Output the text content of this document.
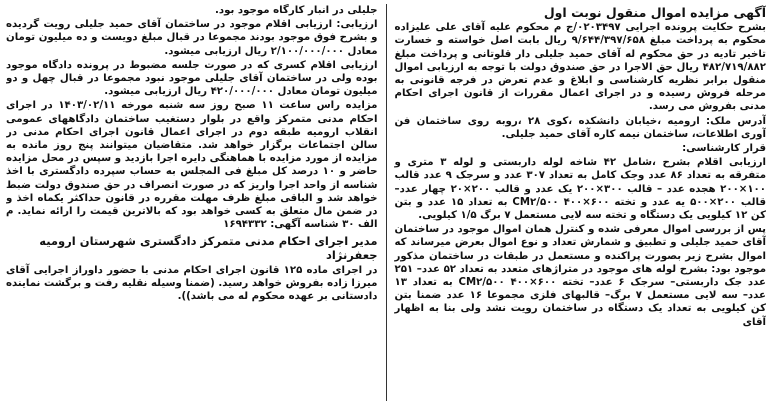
آگهی مزایده اموال منقول نوبت اول

بشرح حکایت پرونده اجرایی ۰۲۰۳۴۹۷/ج م محکوم علیه آقای علی علیزاده محکوم به پرداخت مبلغ ۹/۶۴۴/۳۹۷/۶۵۸ ریال بابت اصل خواسته و خسارت تاخیر تادیه در حق محکوم له آقای حمید جلیلی دار قلوتانی و پرداخت مبلغ ۴۸۲/۷۱۹/۸۸۲ ریال حق الاجرا در حق صندوق دولت با توجه به ارزیابی اموال منقول برابر نظریه کارشناسی و ابلاغ و عدم تعرض در فرجه قانونی به مرحله فروش رسیده و در اجرای اعمال مقررات از قانون اجرای احکام مدنی بفروش می رسد.

آدرس ملک: ارومیه ،خیابان دانشکده ،کوی ۲۸ ،روبه روی ساختمان فن آوری اطلاعات، ساختمان نیمه کاره آقای حمید جلیلی.

قرار کارشناسی:

ارزیابی اقلام بشرح ،شامل ۴۲ شاخه لوله داربستی و لوله ۳ متری و متفرقه به تعداد ۸۶ عدد وجک کامل به تعداد ۳۰۷ عدد و سرجک ۹ عدد قالب ۱۰۰×۲۰۰ هجده عدد – قالب ۳۰۰×۲۰۰ یک عدد و قالب ۲۰۰×۲۰ چهار عدد– قالب ۲۰۰×۵۰۰ یه عدد و تخته ۶۰۰×۴۰۰ CM۲/۵۰۰ به تعداد ۱۵ عدد و بتن کن ۱۲ کیلویی یک دستگاه و تخته سه لایی مستعمل ۷ برگ ۱/۵ کیلویی.

پس از بررسی اموال معرفی شده و کنترل همان اموال موجود در ساختمان آقای حمید جلیلی و تطبیق و شمارش تعداد و نوع اموال بعرض میرساند که اموال بشرح زیر بصورت پراکنده و مستعمل در طبقات در ساختمان مذکور موجود بود: بشرح لوله های موجود در متراژهای متعدد به تعداد ۵۲ عدد– ۲۵۱ عدد جک داربستی– سرجک ۶ عدد– تخته ۶۰۰×۴۰۰ CM۲/۵۰۰ به تعداد ۱۳ عدد– سه لایی مستعمل ۷ برگ– قالبهای فلزی مجموعا ۱۶ عدد ضمنا بتن کن کیلویی به تعداد یک دستگاه در ساختمان رویت نشد ولی بنا به اظهار آقای

جلیلی در انبار کارگاه موجود بود.

ارزیابی: ارزیابی اقلام موجود در ساختمان آقای حمید جلیلی رویت گردیده و بشرح فوق موجود بودند مجموعا در قبال مبلغ دویست و ده میلیون تومان معادل ۲/۱۰۰/۰۰۰/۰۰۰ ریال ارزیابی میشود.

ارزیابی اقلام کسری که در صورت جلسه مضبوط در پرونده دادگاه موجود بوده ولی در ساختمان آقای جلیلی موجود نبود مجموعا در قبال چهل و دو میلیون تومان معادل ۴۲۰/۰۰۰/۰۰۰ ریال ارزیابی میشود.

مزایده راس ساعت ۱۱ صبح روز سه شنبه مورخه ۱۴۰۳/۰۲/۱۱ در اجرای احکام مدنی متمرکز واقع در بلوار دستغیب ساختمان دادگاههای عمومی انقلاب ارومیه طبقه دوم در اجرای اعمال قانون اجرای احکام مدنی در سالن اجتماعات برگزار خواهد شد. متقاضیان میتوانند پنج روز مانده به مزایده از مورد مزایده با هماهنگی دایره اجرا بازدید و سپس در محل مزایده حاضر و ۱۰ درصد کل مبلغ فی المجلس به حساب سپرده دادگستری با اخذ شناسه از واحد اجرا واریز که در صورت انصراف در حق صندوق دولت ضبط خواهد شد و الباقی مبلغ ظرف مهلت مقرره در قانون حداکثر یکماه اخذ و در ضمن مال متعلق به کسی خواهد بود که بالاترین قیمت را ارائه نماید. م الف ۳۰ شناسه آگهی: ۱۶۹۴۳۳۲

مدیر اجرای احکام مدنی متمرکز دادگستری شهرستان ارومیه جعفرنژاد

در اجرای ماده ۱۲۵ قانون اجرای احکام مدنی با حضور داوراز اجرایی آقای میرزا زاده بفروش خواهد رسید. (ضمنا وسیله نقلیه رفت و برگشت نماینده دادستانی بر عهده محکوم له می باشد)).
